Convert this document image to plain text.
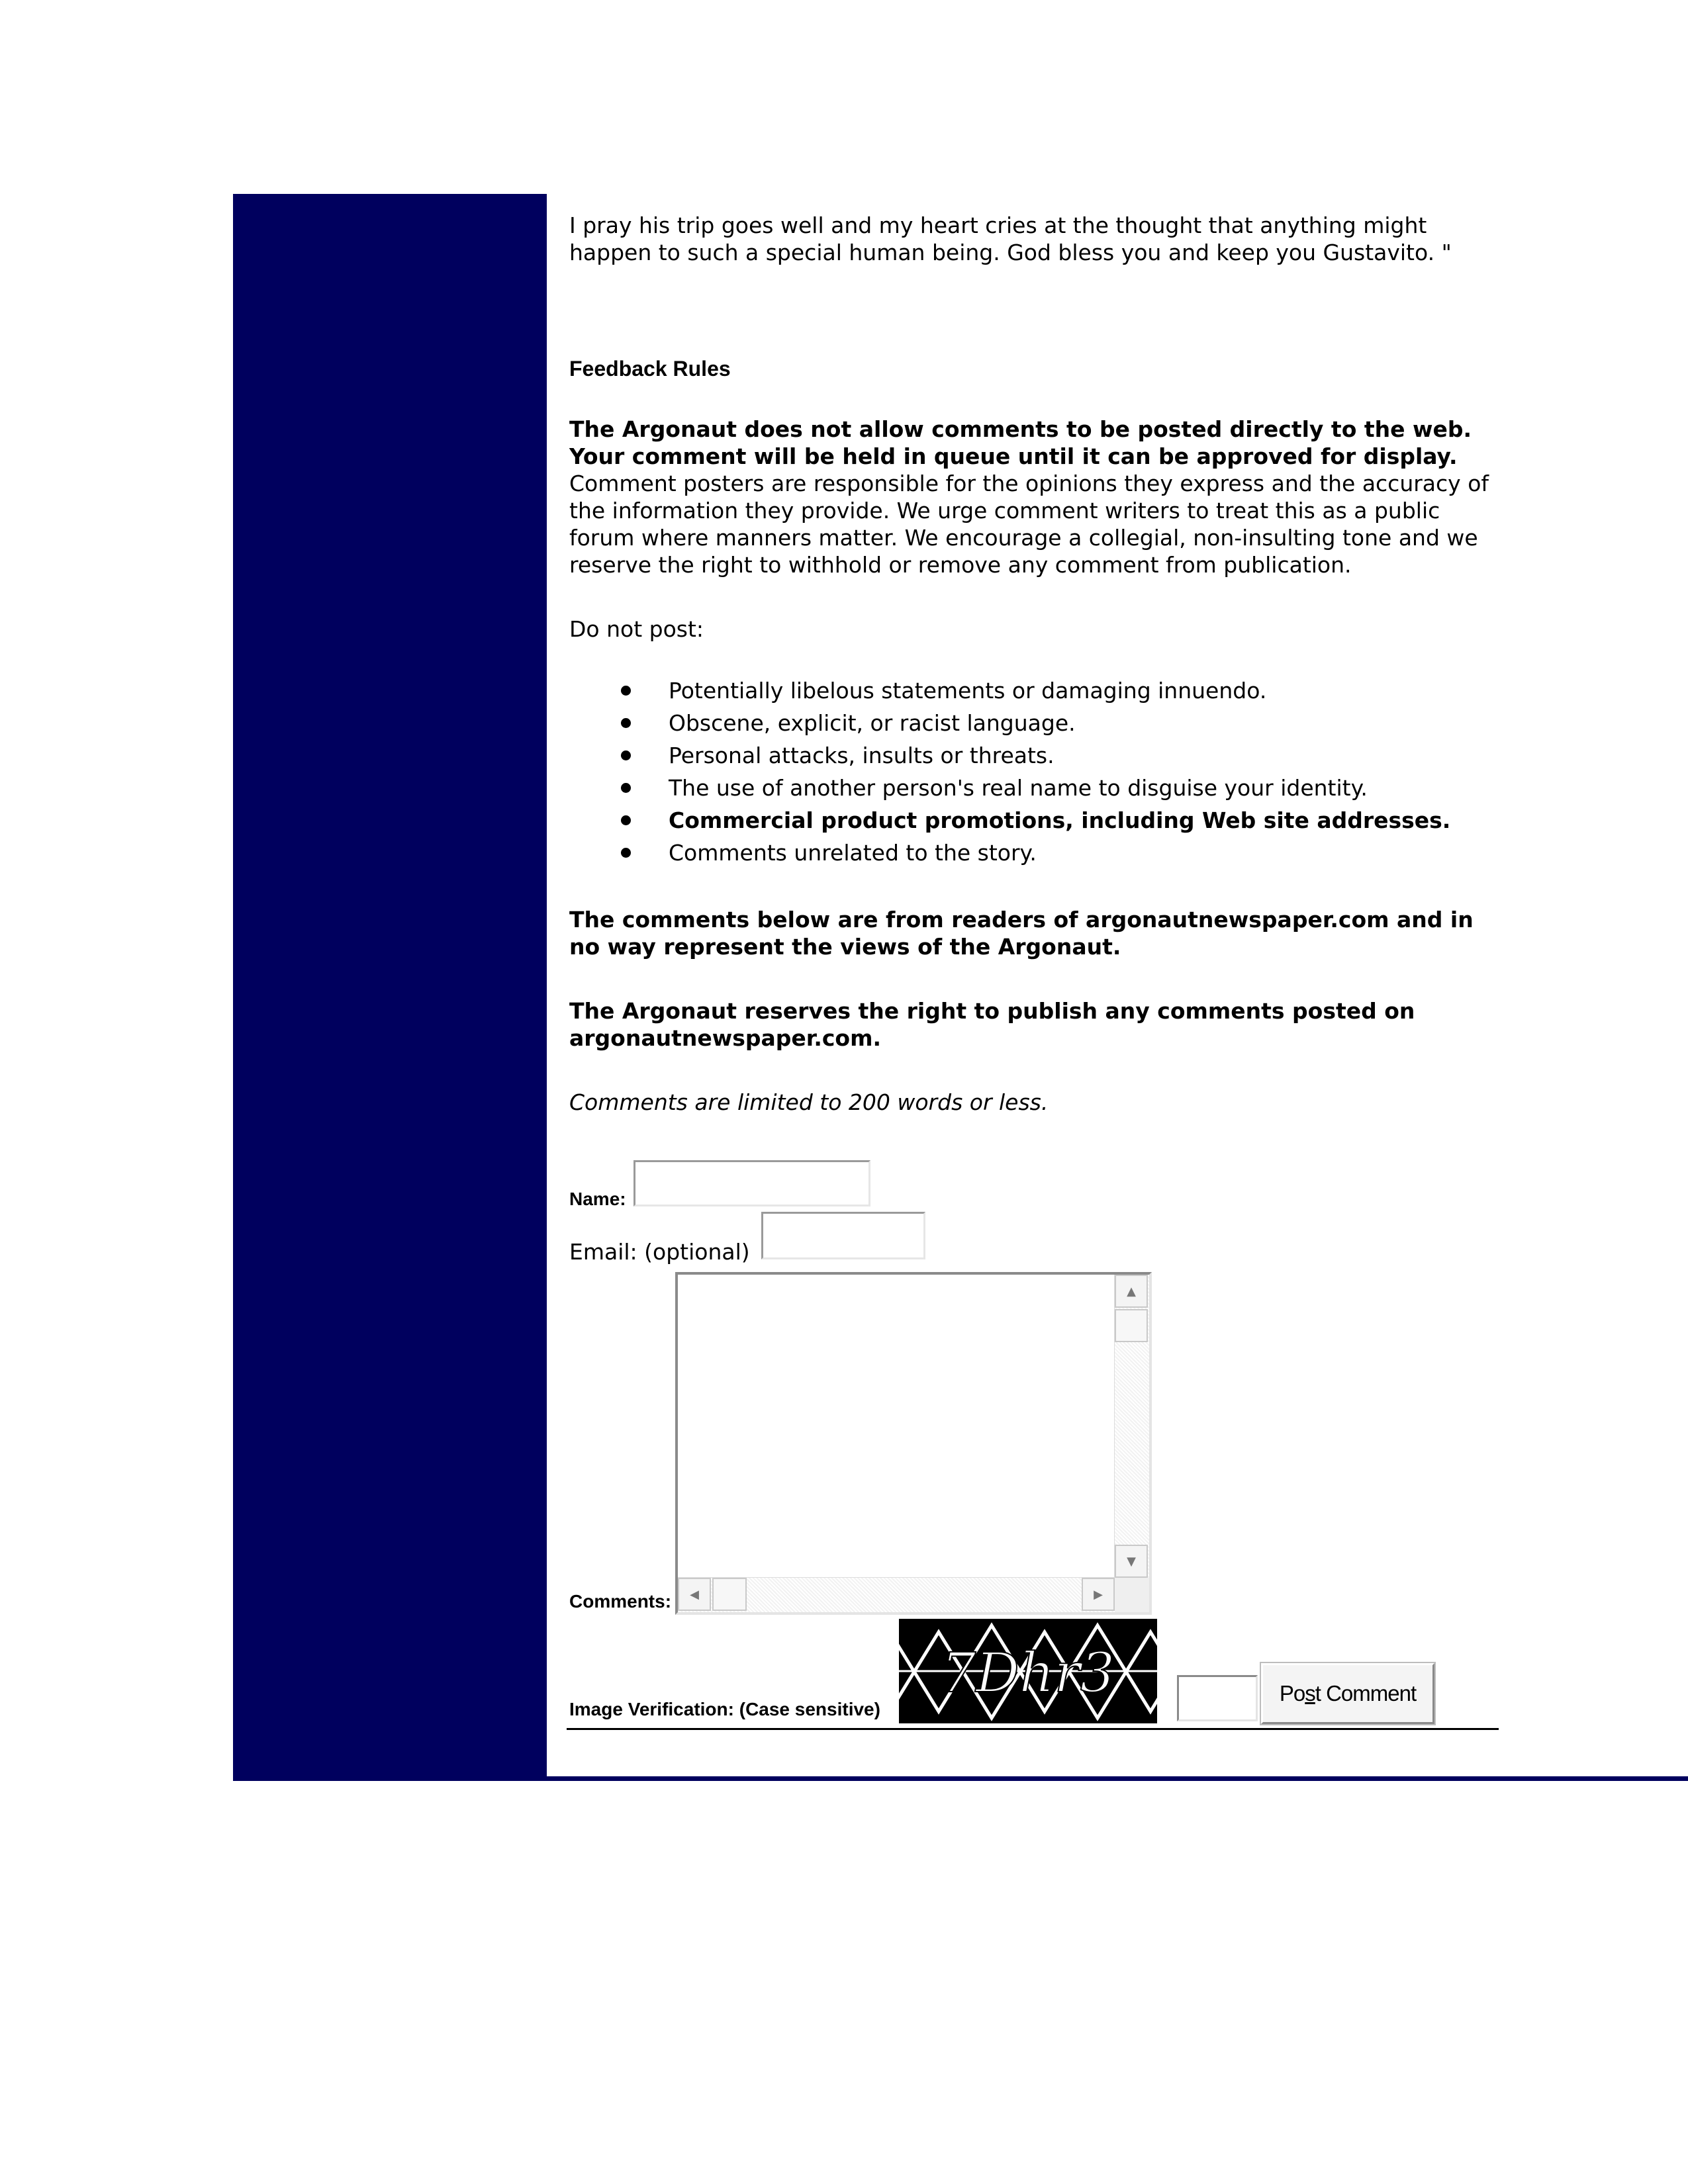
I pray his trip goes well and my heart cries at the thought that anything might happen to such a special human being. God bless you and keep you Gustavito. "

Feedback Rules

The Argonaut does not allow comments to be posted directly to the web. Your comment will be held in queue until it can be approved for display. Comment posters are responsible for the opinions they express and the accuracy of the information they provide. We urge comment writers to treat this as a public forum where manners matter. We encourage a collegial, non-insulting tone and we reserve the right to withhold or remove any comment from publication.

Do not post:

Potentially libelous statements or damaging innuendo.
Obscene, explicit, or racist language.
Personal attacks, insults or threats.
The use of another person's real name to disguise your identity.
Commercial product promotions, including Web site addresses.
Comments unrelated to the story.

The comments below are from readers of argonautnewspaper.com and in no way represent the views of the Argonaut.

The Argonaut reserves the right to publish any comments posted on argonautnewspaper.com.

Comments are limited to 200 words or less.

Name:
Email: (optional)
▲
▼
◀	▶
Comments:
Image Verification: (Case sensitive)
7Dhr3	Po s t Comment
